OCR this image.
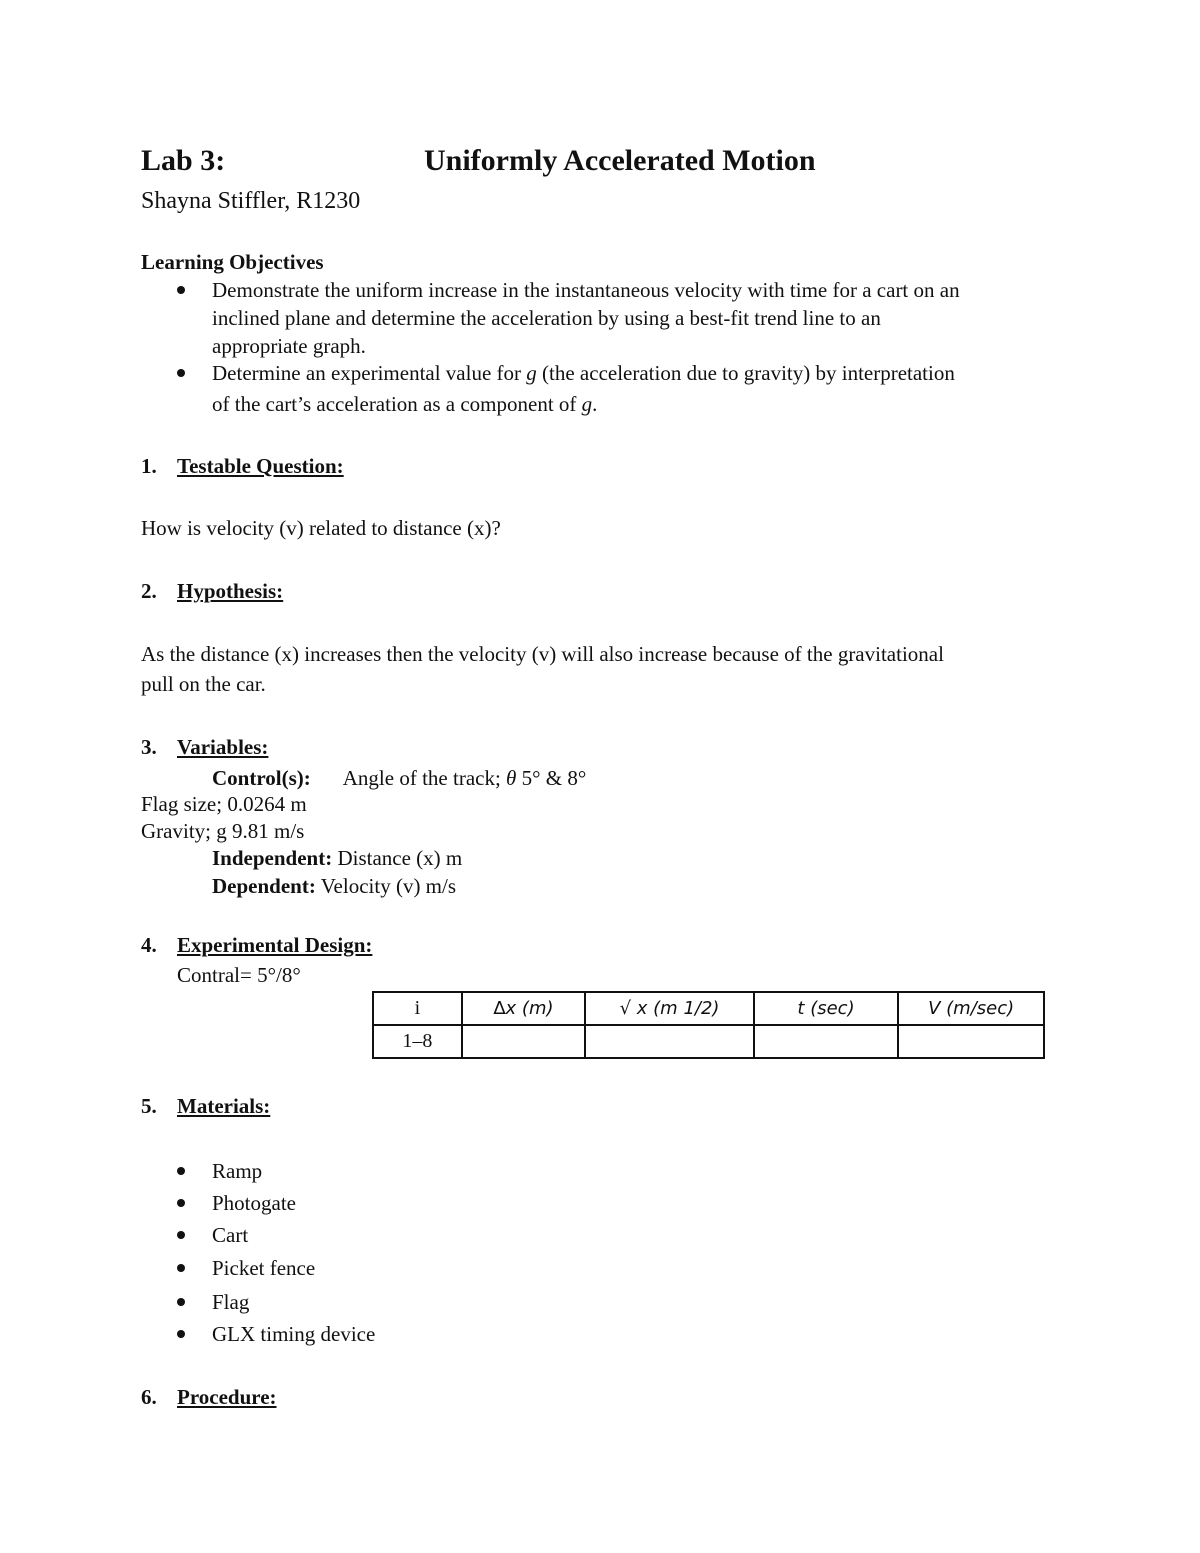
Lab 3:	Uniformly Accelerated Motion
Shayna Stiffler, R1230
Learning Objectives
Demonstrate the uniform increase in the instantaneous velocity with time for a cart on an
inclined plane and determine the acceleration by using a best-fit trend line to an
appropriate graph.
Determine an experimental value for g (the acceleration due to gravity) by interpretation
of the cart’s acceleration as a component of g.
1. Testable Question:
How is velocity (v) related to distance (x)?
2. Hypothesis:
As the distance (x) increases then the velocity (v) will also increase because of the gravitational
pull on the car.
3. Variables:
Control(s): Angle of the track; θ 5° & 8°
Flag size; 0.0264 m
Gravity; g 9.81 m/s
Independent: Distance (x) m
Dependent: Velocity (v) m/s
4. Experimental Design:
Contral= 5°/8°
i	∆x (m)	√ x (m 1/2)	t (sec)	V (m/sec)
1–8				
5. Materials:
Ramp
Photogate
Cart
Picket fence
Flag
GLX timing device
6. Procedure:
